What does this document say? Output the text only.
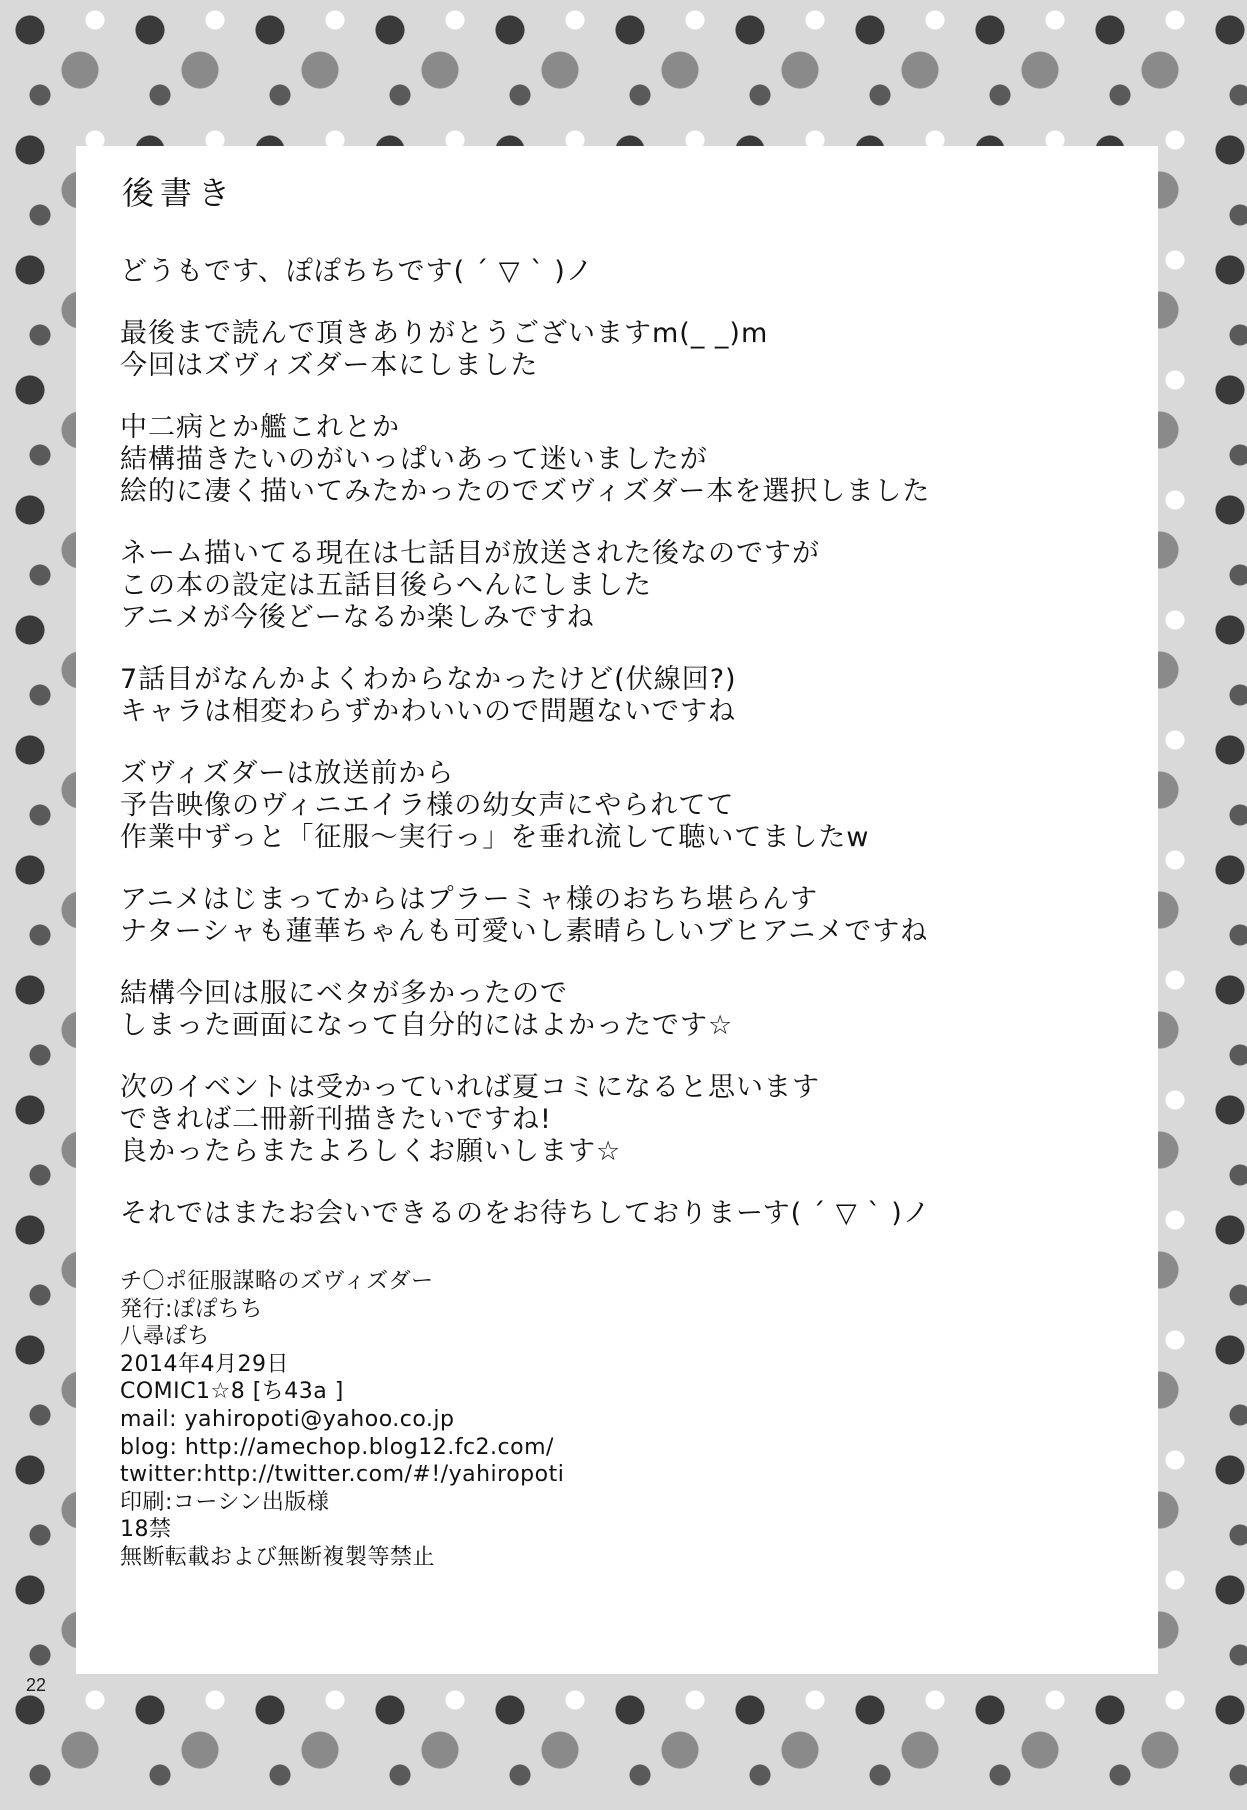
後書き
どうもです、ぽぽちちです( ´ ▽ ` )ノ
最後まで読んで頂きありがとうございますm(_ _)m
今回はズヴィズダー本にしました
中二病とか艦これとか
結構描きたいのがいっぱいあって迷いましたが
絵的に凄く描いてみたかったのでズヴィズダー本を選択しました
ネーム描いてる現在は七話目が放送された後なのですが
この本の設定は五話目後らへんにしました
アニメが今後どーなるか楽しみですね
7話目がなんかよくわからなかったけど(伏線回?)
キャラは相変わらずかわいいので問題ないですね
ズヴィズダーは放送前から
予告映像のヴィニエイラ様の幼女声にやられてて
作業中ずっと「征服～実行っ」を垂れ流して聴いてましたw
アニメはじまってからはプラーミャ様のおちち堪らんす
ナターシャも蓮華ちゃんも可愛いし素晴らしいブヒアニメですね
結構今回は服にベタが多かったので
しまった画面になって自分的にはよかったです☆
次のイベントは受かっていれば夏コミになると思います
できれば二冊新刊描きたいですね!
良かったらまたよろしくお願いします☆
それではまたお会いできるのをお待ちしておりまーす( ´ ▽ ` )ノ
チ〇ポ征服謀略のズヴィズダー
発行:ぽぽちち
八尋ぽち
2014年4月29日
COMIC1☆8 [ち43a ]
mail: yahiropoti@yahoo.co.jp
blog: http://amechop.blog12.fc2.com/
twitter:http://twitter.com/#!/yahiropoti
印刷:コーシン出版様
18禁
無断転載および無断複製等禁止
22
